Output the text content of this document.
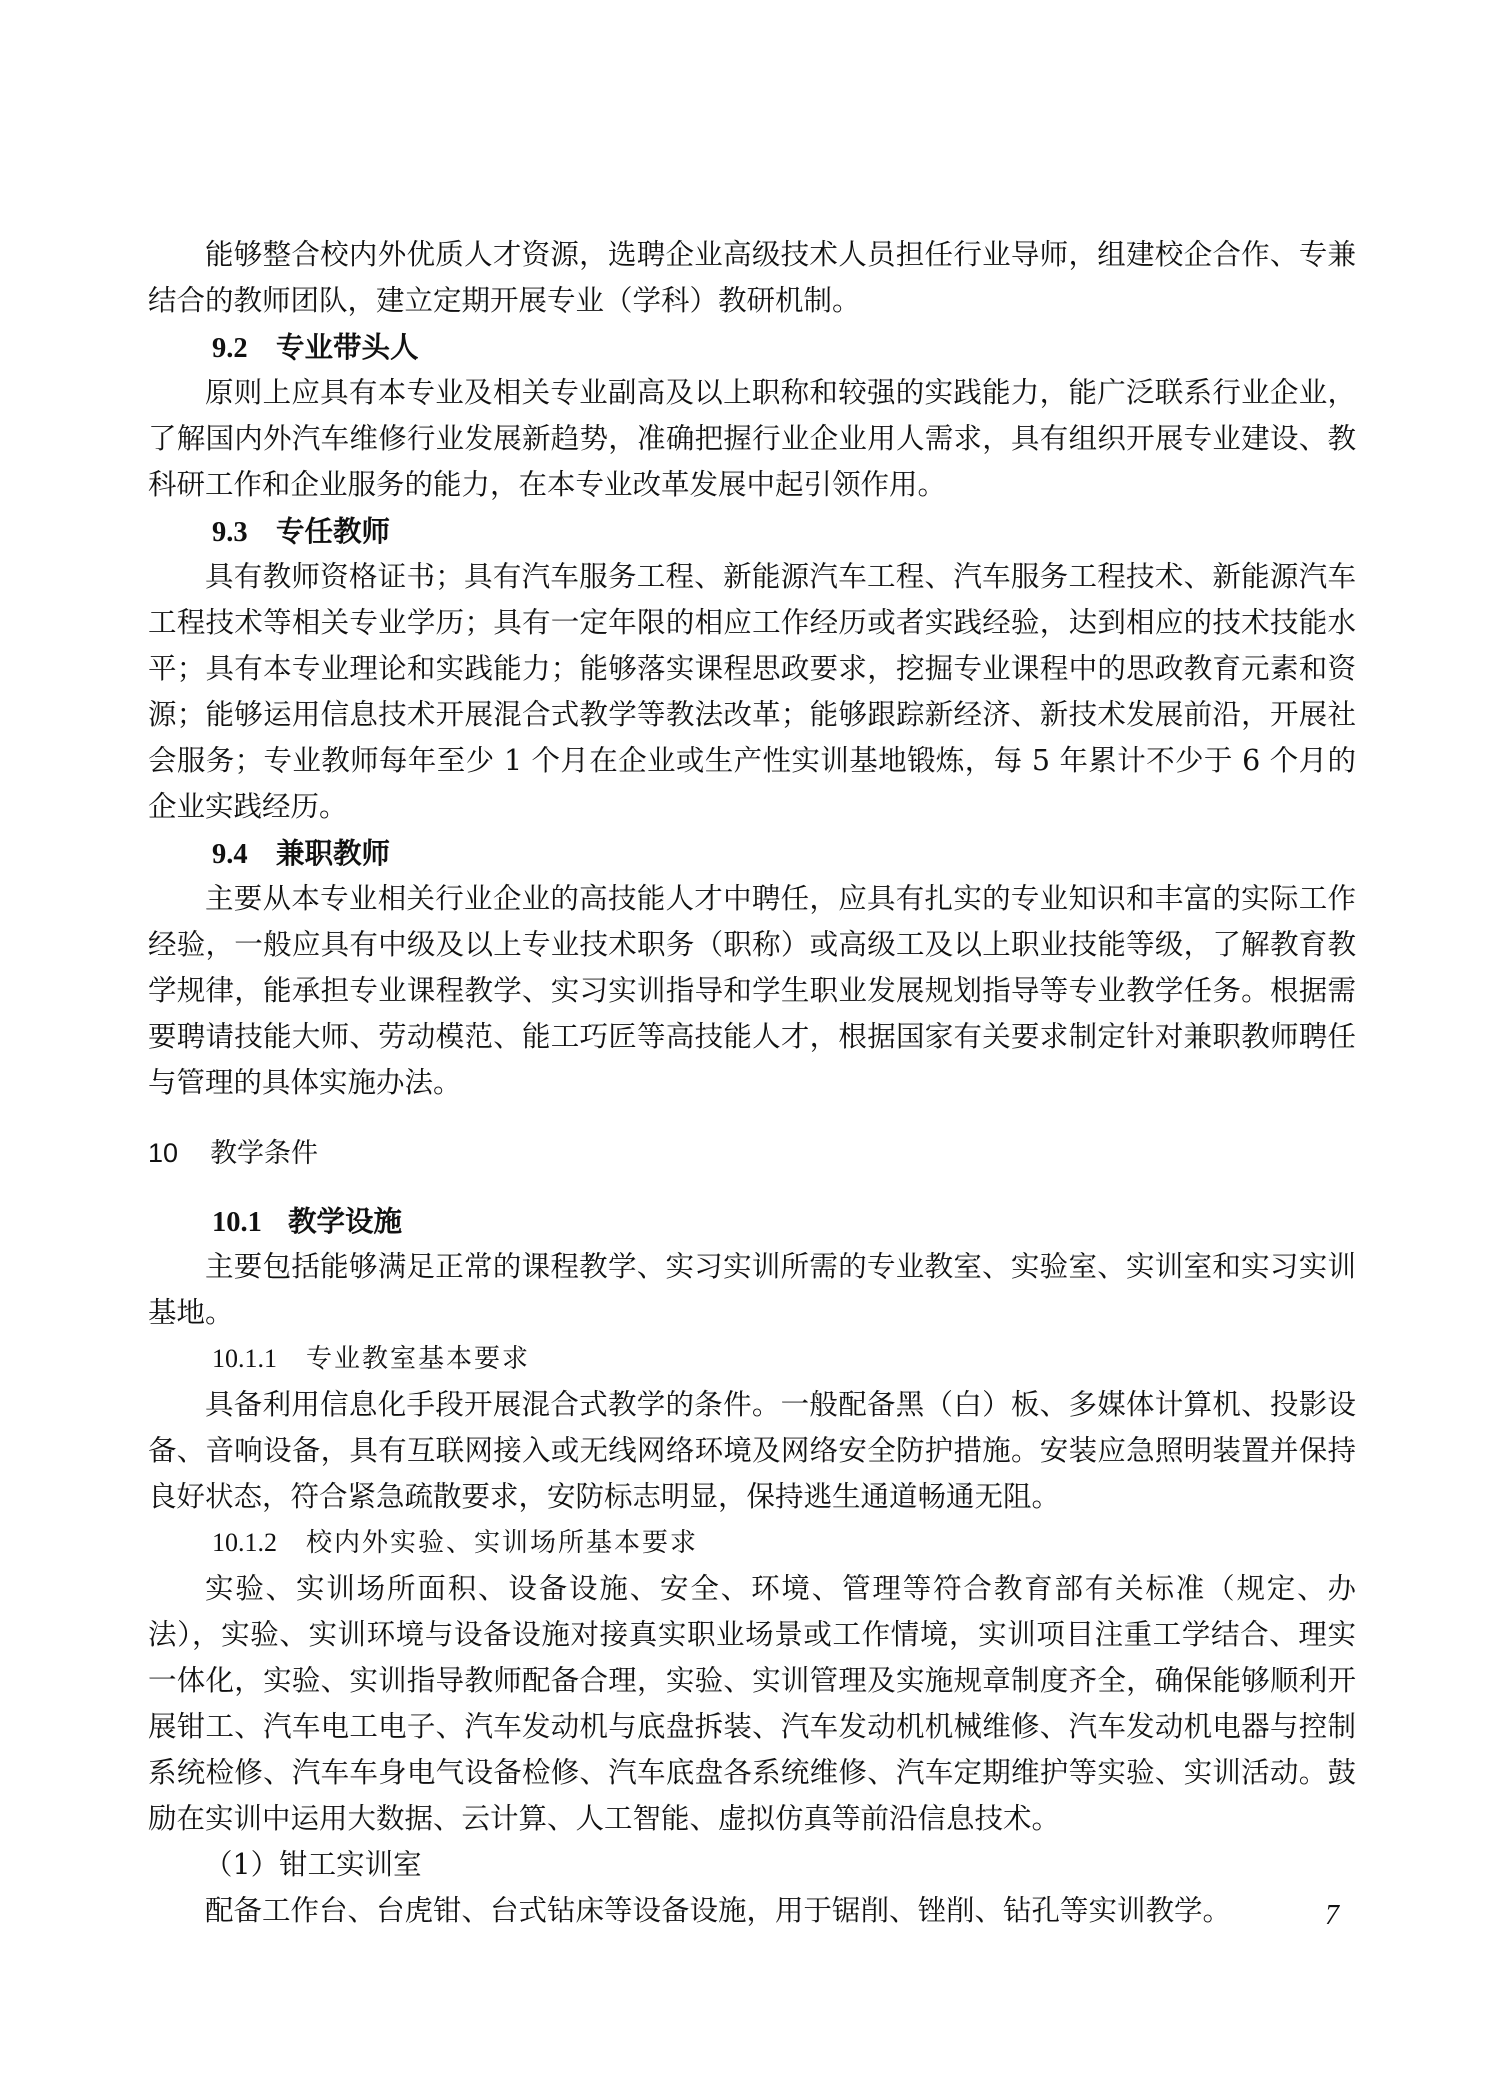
能够整合校内外优质人才资源，选聘企业高级技术人员担任行业导师，组建校企合作、专兼结合的教师团队，建立定期开展专业（学科）教研机制。

9.2 专业带头人

原则上应具有本专业及相关专业副高及以上职称和较强的实践能力，能广泛联系行业企业，了解国内外汽车维修行业发展新趋势，准确把握行业企业用人需求，具有组织开展专业建设、教科研工作和企业服务的能力，在本专业改革发展中起引领作用。

9.3 专任教师

具有教师资格证书；具有汽车服务工程、新能源汽车工程、汽车服务工程技术、新能源汽车工程技术等相关专业学历；具有一定年限的相应工作经历或者实践经验，达到相应的技术技能水平；具有本专业理论和实践能力；能够落实课程思政要求，挖掘专业课程中的思政教育元素和资源；能够运用信息技术开展混合式教学等教法改革；能够跟踪新经济、新技术发展前沿，开展社会服务；专业教师每年至少 1 个月在企业或生产性实训基地锻炼，每 5 年累计不少于 6 个月的企业实践经历。

9.4 兼职教师

主要从本专业相关行业企业的高技能人才中聘任，应具有扎实的专业知识和丰富的实际工作经验，一般应具有中级及以上专业技术职务（职称）或高级工及以上职业技能等级，了解教育教学规律，能承担专业课程教学、实习实训指导和学生职业发展规划指导等专业教学任务。根据需要聘请技能大师、劳动模范、能工巧匠等高技能人才，根据国家有关要求制定针对兼职教师聘任与管理的具体实施办法。

10 教学条件
10.1 教学设施

主要包括能够满足正常的课程教学、实习实训所需的专业教室、实验室、实训室和实习实训基地。

10.1.1 专业教室基本要求

具备利用信息化手段开展混合式教学的条件。一般配备黑（白）板、多媒体计算机、投影设备、音响设备，具有互联网接入或无线网络环境及网络安全防护措施。安装应急照明装置并保持良好状态，符合紧急疏散要求，安防标志明显，保持逃生通道畅通无阻。

10.1.2 校内外实验、实训场所基本要求

实验、实训场所面积、设备设施、安全、环境、管理等符合教育部有关标准（规定、办法），实验、实训环境与设备设施对接真实职业场景或工作情境，实训项目注重工学结合、理实一体化，实验、实训指导教师配备合理，实验、实训管理及实施规章制度齐全，确保能够顺利开展钳工、汽车电工电子、汽车发动机与底盘拆装、汽车发动机机械维修、汽车发动机电器与控制系统检修、汽车车身电气设备检修、汽车底盘各系统维修、汽车定期维护等实验、实训活动。鼓励在实训中运用大数据、云计算、人工智能、虚拟仿真等前沿信息技术。

（1）钳工实训室

配备工作台、台虎钳、台式钻床等设备设施，用于锯削、锉削、钻孔等实训教学。	7
